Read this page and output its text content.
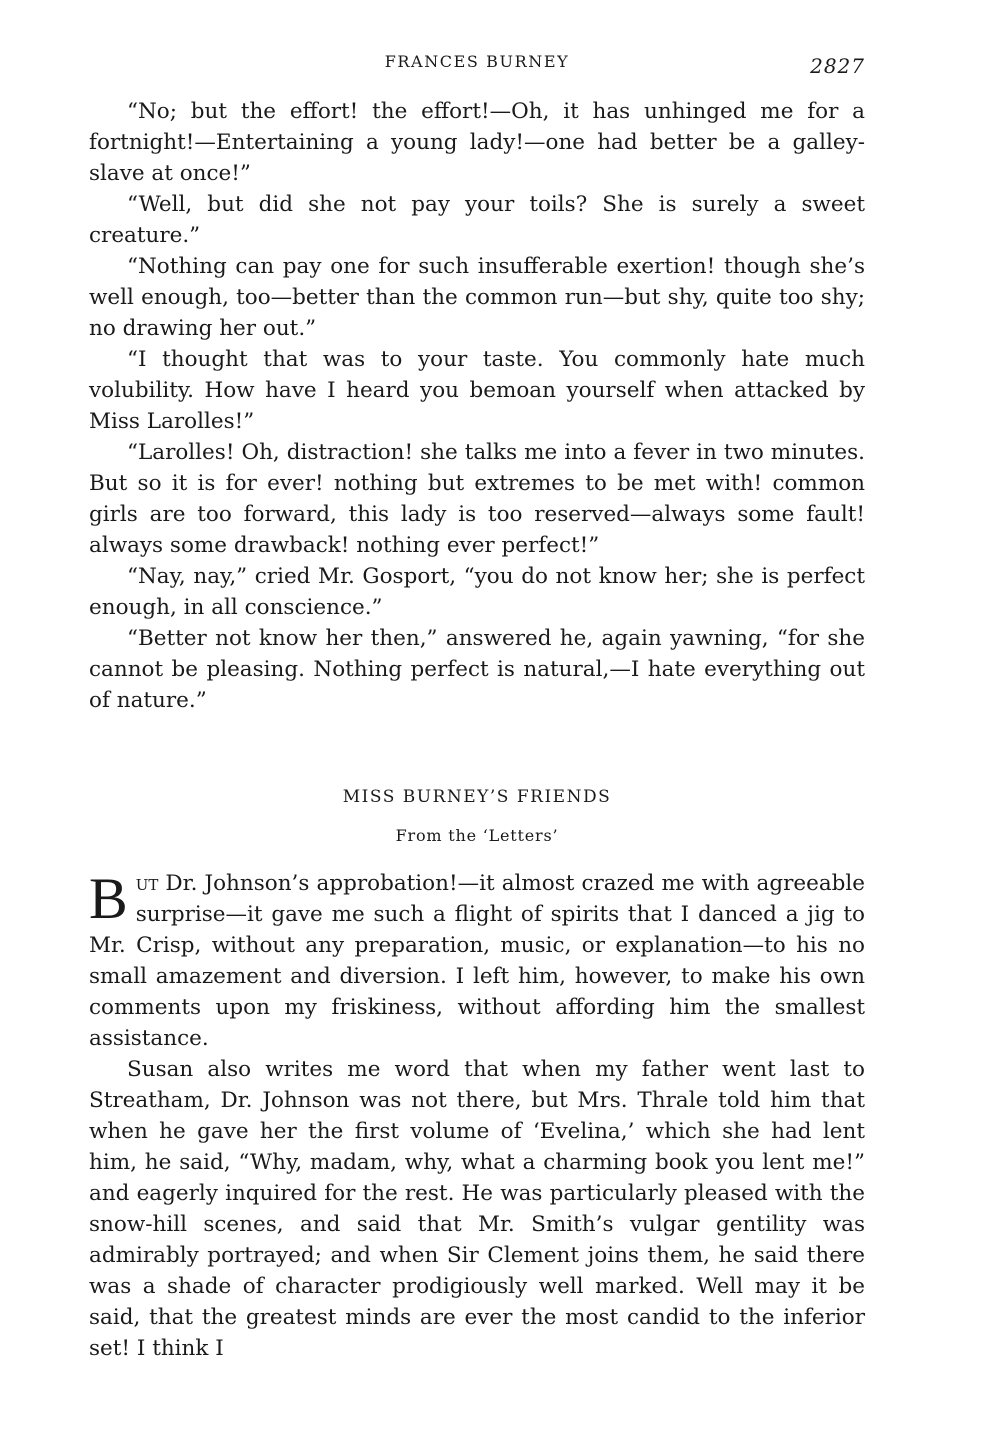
FRANCES BURNEY	2827

“No; but the effort! the effort!—Oh, it has unhinged me for a fortnight!—Entertaining a young lady!—one had better be a galley-slave at once!”

“Well, but did she not pay your toils? She is surely a sweet creature.”

“Nothing can pay one for such insufferable exertion! though she’s well enough, too—better than the common run—but shy, quite too shy; no drawing her out.”

“I thought that was to your taste. You commonly hate much volubility. How have I heard you bemoan yourself when attacked by Miss Larolles!”

“Larolles! Oh, distraction! she talks me into a fever in two minutes. But so it is for ever! nothing but extremes to be met with! common girls are too forward, this lady is too reserved—always some fault! always some drawback! nothing ever perfect!”

“Nay, nay,” cried Mr. Gosport, “you do not know her; she is perfect enough, in all conscience.”

“Better not know her then,” answered he, again yawning, “for she cannot be pleasing. Nothing perfect is natural,—I hate everything out of nature.”

MISS BURNEY’S FRIENDS
From the ‘Letters’

But Dr. Johnson’s approbation!—it almost crazed me with agreeable surprise—it gave me such a flight of spirits that I danced a jig to Mr. Crisp, without any preparation, music, or explanation—to his no small amazement and diversion. I left him, however, to make his own comments upon my friskiness, without affording him the smallest assistance.

Susan also writes me word that when my father went last to Streatham, Dr. Johnson was not there, but Mrs. Thrale told him that when he gave her the first volume of ‘Evelina,’ which she had lent him, he said, “Why, madam, why, what a charming book you lent me!” and eagerly inquired for the rest. He was particularly pleased with the snow-hill scenes, and said that Mr. Smith’s vulgar gentility was admirably portrayed; and when Sir Clement joins them, he said there was a shade of character prodigiously well marked. Well may it be said, that the greatest minds are ever the most candid to the inferior set! I think I
